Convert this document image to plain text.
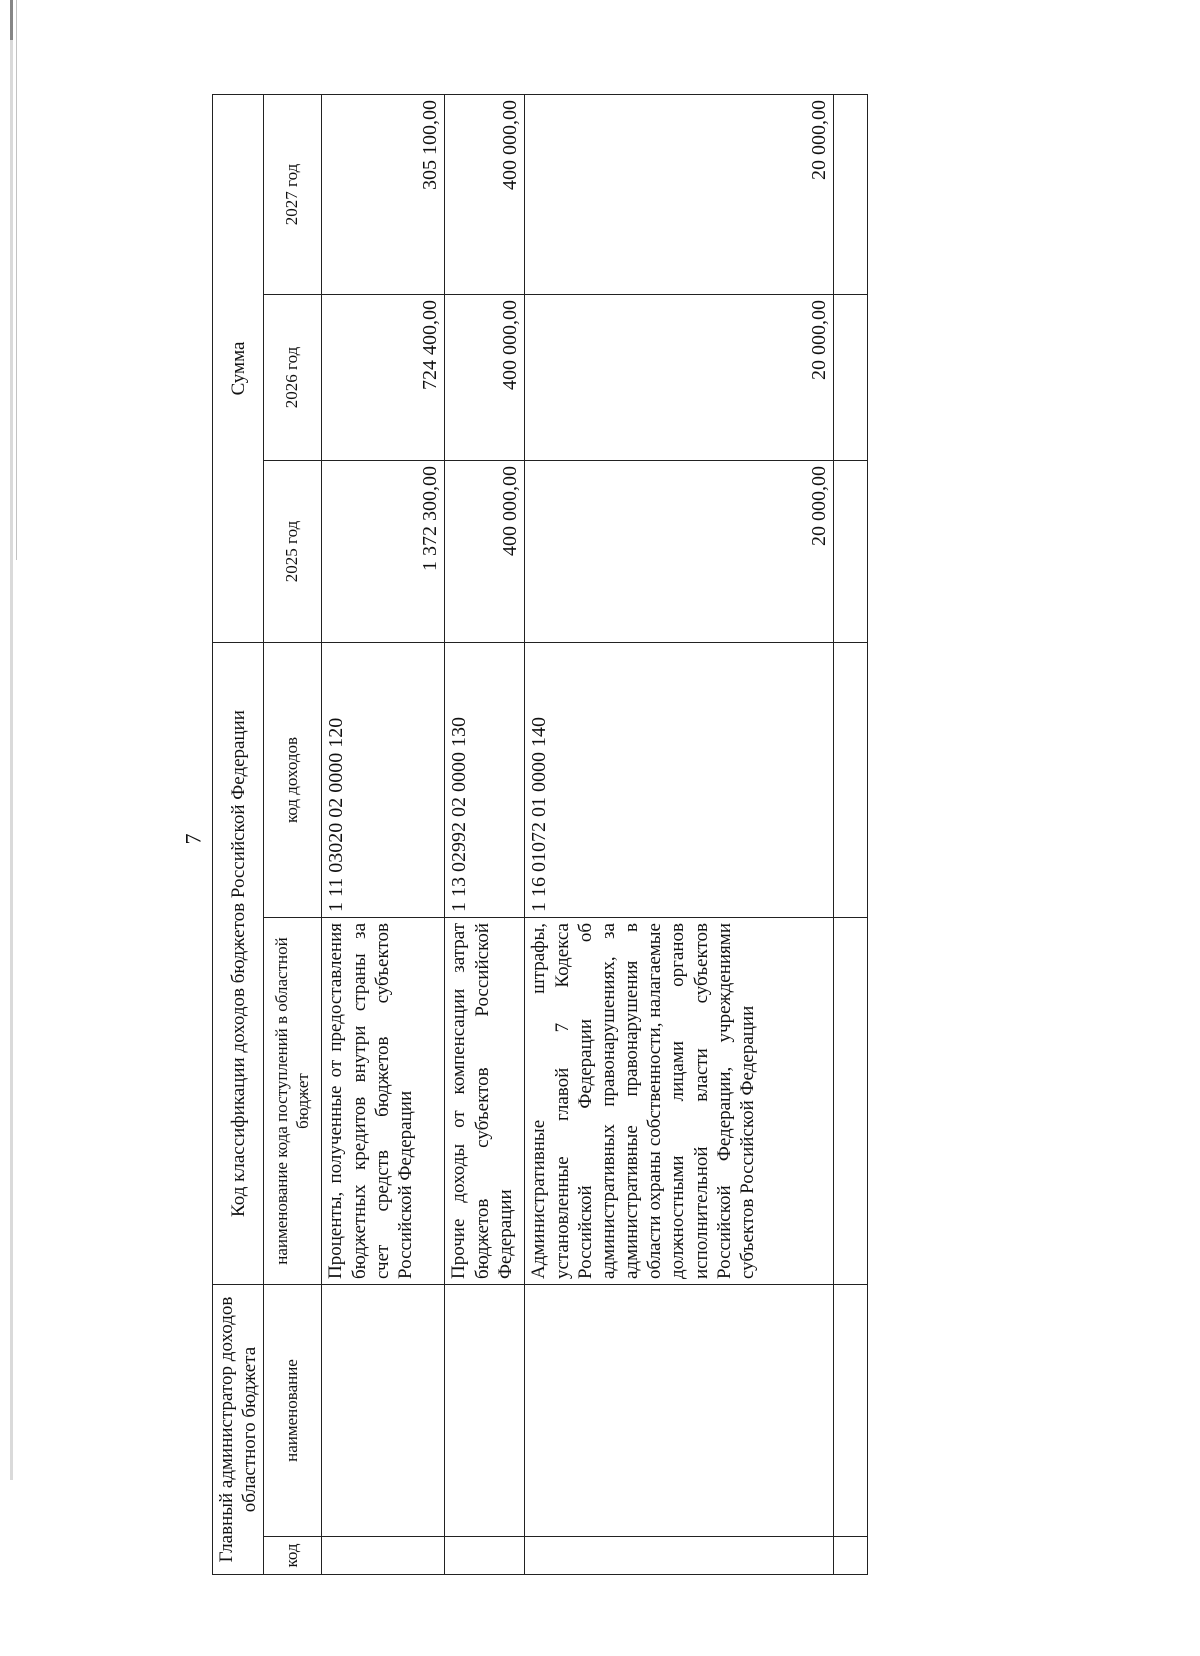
7
Главный администратор доходов областного бюджета		Код классификации доходов бюджетов Российской Федерации		Сумма		
код	наименование	наименование кода поступлений в областной бюджет	код доходов	2025 год	2026 год	2027 год
		Проценты, полученные от предоставления бюджетных кредитов внутри страны за счет средств бюджетов субъектов Российской Федерации	1 11 03020 02 0000 120	1 372 300,00	724 400,00	305 100,00
		Прочие доходы от компенсации затрат бюджетов субъектов Российской Федерации	1 13 02992 02 0000 130	400 000,00	400 000,00	400 000,00
		Административные штрафы, установленные главой 7 Кодекса Российской Федерации об административных правонарушениях, за административные правонарушения в области охраны собственности, налагаемые должностными лицами органов исполнительной власти субъектов Российской Федерации, учреждениями субъектов Российской Федерации	1 16 01072 01 0000 140	20 000,00	20 000,00	20 000,00
